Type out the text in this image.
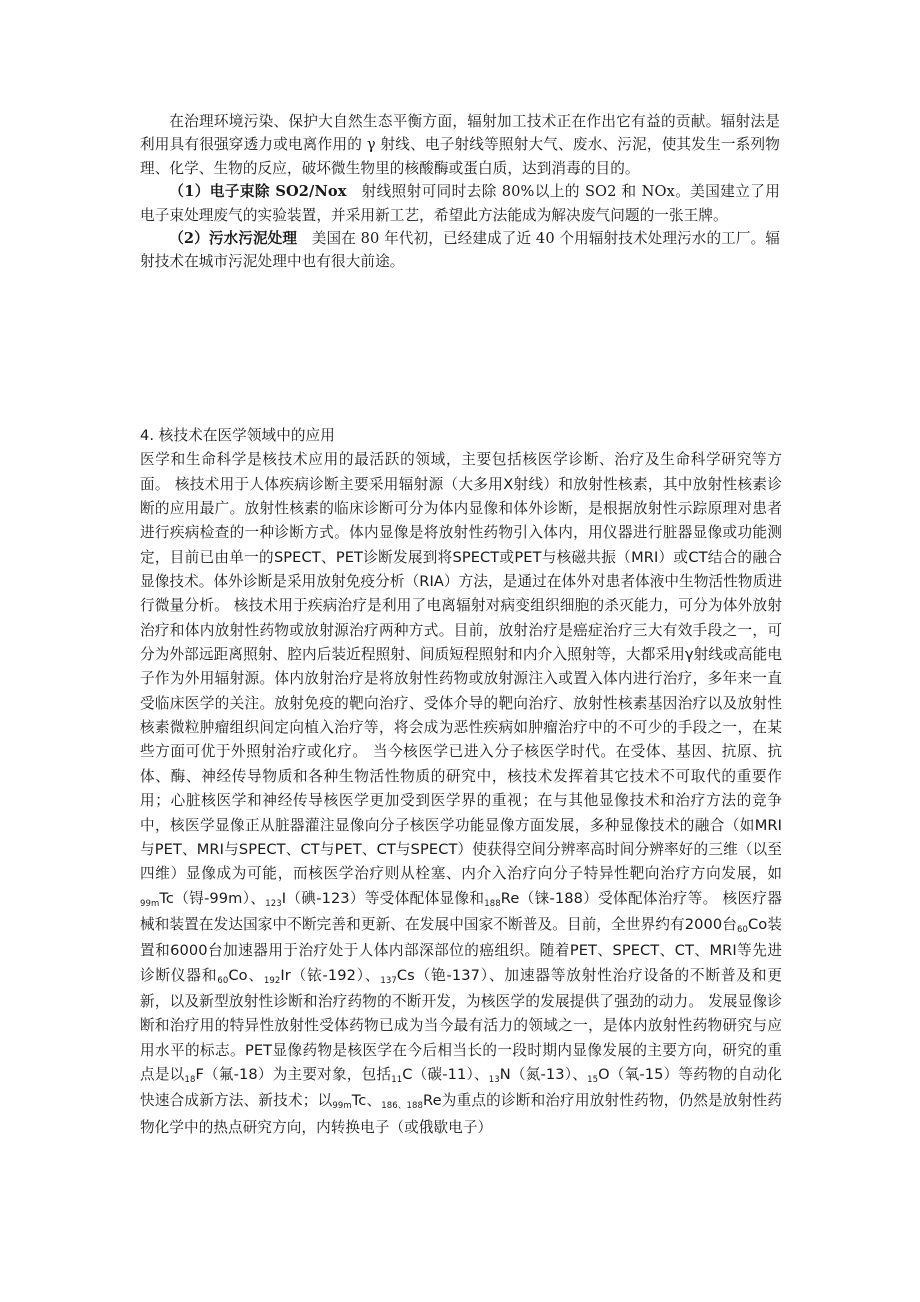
在治理环境污染、保护大自然生态平衡方面，辐射加工技术正在作出它有益的贡献。辐射法是利用具有很强穿透力或电离作用的 γ 射线、电子射线等照射大气、废水、污泥，使其发生一系列物理、化学、生物的反应，破坏微生物里的核酸酶或蛋白质，达到消毒的目的。

（1）电子束除 SO2/Nox  射线照射可同时去除 80%以上的 SO2 和 NOx。美国建立了用电子束处理废气的实验装置，并采用新工艺，希望此方法能成为解决废气问题的一张王牌。

（2）污水污泥处理  美国在 80 年代初，已经建成了近 40 个用辐射技术处理污水的工厂。辐射技术在城市污泥处理中也有很大前途。

4. 核技术在医学领域中的应用

医学和生命科学是核技术应用的最活跃的领域，主要包括核医学诊断、治疗及生命科学研究等方面。 核技术用于人体疾病诊断主要采用辐射源（大多用X射线）和放射性核素，其中放射性核素诊断的应用最广。放射性核素的临床诊断可分为体内显像和体外诊断，是根据放射性示踪原理对患者进行疾病检查的一种诊断方式。体内显像是将放射性药物引入体内，用仪器进行脏器显像或功能测定，目前已由单一的SPECT、PET诊断发展到将SPECT或PET与核磁共振（MRI）或CT结合的融合显像技术。体外诊断是采用放射免疫分析（RIA）方法，是通过在体外对患者体液中生物活性物质进行微量分析。 核技术用于疾病治疗是利用了电离辐射对病变组织细胞的杀灭能力，可分为体外放射治疗和体内放射性药物或放射源治疗两种方式。目前，放射治疗是癌症治疗三大有效手段之一，可分为外部远距离照射、腔内后装近程照射、间质短程照射和内介入照射等，大都采用γ射线或高能电子作为外用辐射源。体内放射治疗是将放射性药物或放射源注入或置入体内进行治疗，多年来一直受临床医学的关注。放射免疫的靶向治疗、受体介导的靶向治疗、放射性核素基因治疗以及放射性核素微粒肿瘤组织间定向植入治疗等，将会成为恶性疾病如肿瘤治疗中的不可少的手段之一，在某些方面可优于外照射治疗或化疗。 当今核医学已进入分子核医学时代。在受体、基因、抗原、抗体、酶、神经传导物质和各种生物活性物质的研究中，核技术发挥着其它技术不可取代的重要作用；心脏核医学和神经传导核医学更加受到医学界的重视；在与其他显像技术和治疗方法的竞争中，核医学显像正从脏器灌注显像向分子核医学功能显像方面发展，多种显像技术的融合（如MRI与PET、MRI与SPECT、CT与PET、CT与SPECT）使获得空间分辨率高时间分辨率好的三维（以至四维）显像成为可能，而核医学治疗则从栓塞、内介入治疗向分子特异性靶向治疗方向发展，如$_{99m}$Tc（锝-99m）、$_{123}$I（碘-123）等受体配体显像和$_{188}$Re（铼-188）受体配体治疗等。 核医疗器械和装置在发达国家中不断完善和更新、在发展中国家不断普及。目前，全世界约有2000台$_{60}$Co装置和6000台加速器用于治疗处于人体内部深部位的癌组织。随着PET、SPECT、CT、MRI等先进诊断仪器和$_{60}$Co、$_{192}$Ir（铱-192）、$_{137}$Cs（铯-137）、加速器等放射性治疗设备的不断普及和更新，以及新型放射性诊断和治疗药物的不断开发，为核医学的发展提供了强劲的动力。 发展显像诊断和治疗用的特异性放射性受体药物已成为当今最有活力的领域之一，是体内放射性药物研究与应用水平的标志。PET显像药物是核医学在今后相当长的一段时期内显像发展的主要方向，研究的重点是以$_{18}$F（氟-18）为主要对象，包括$_{11}$C（碳-11）、$_{13}$N（氮-13）、$_{15}$O（氧-15）等药物的自动化快速合成新方法、新技术；以$_{99m}$Tc、$_{186、188}$Re为重点的诊断和治疗用放射性药物，仍然是放射性药物化学中的热点研究方向，内转换电子（或俄歇电子）
